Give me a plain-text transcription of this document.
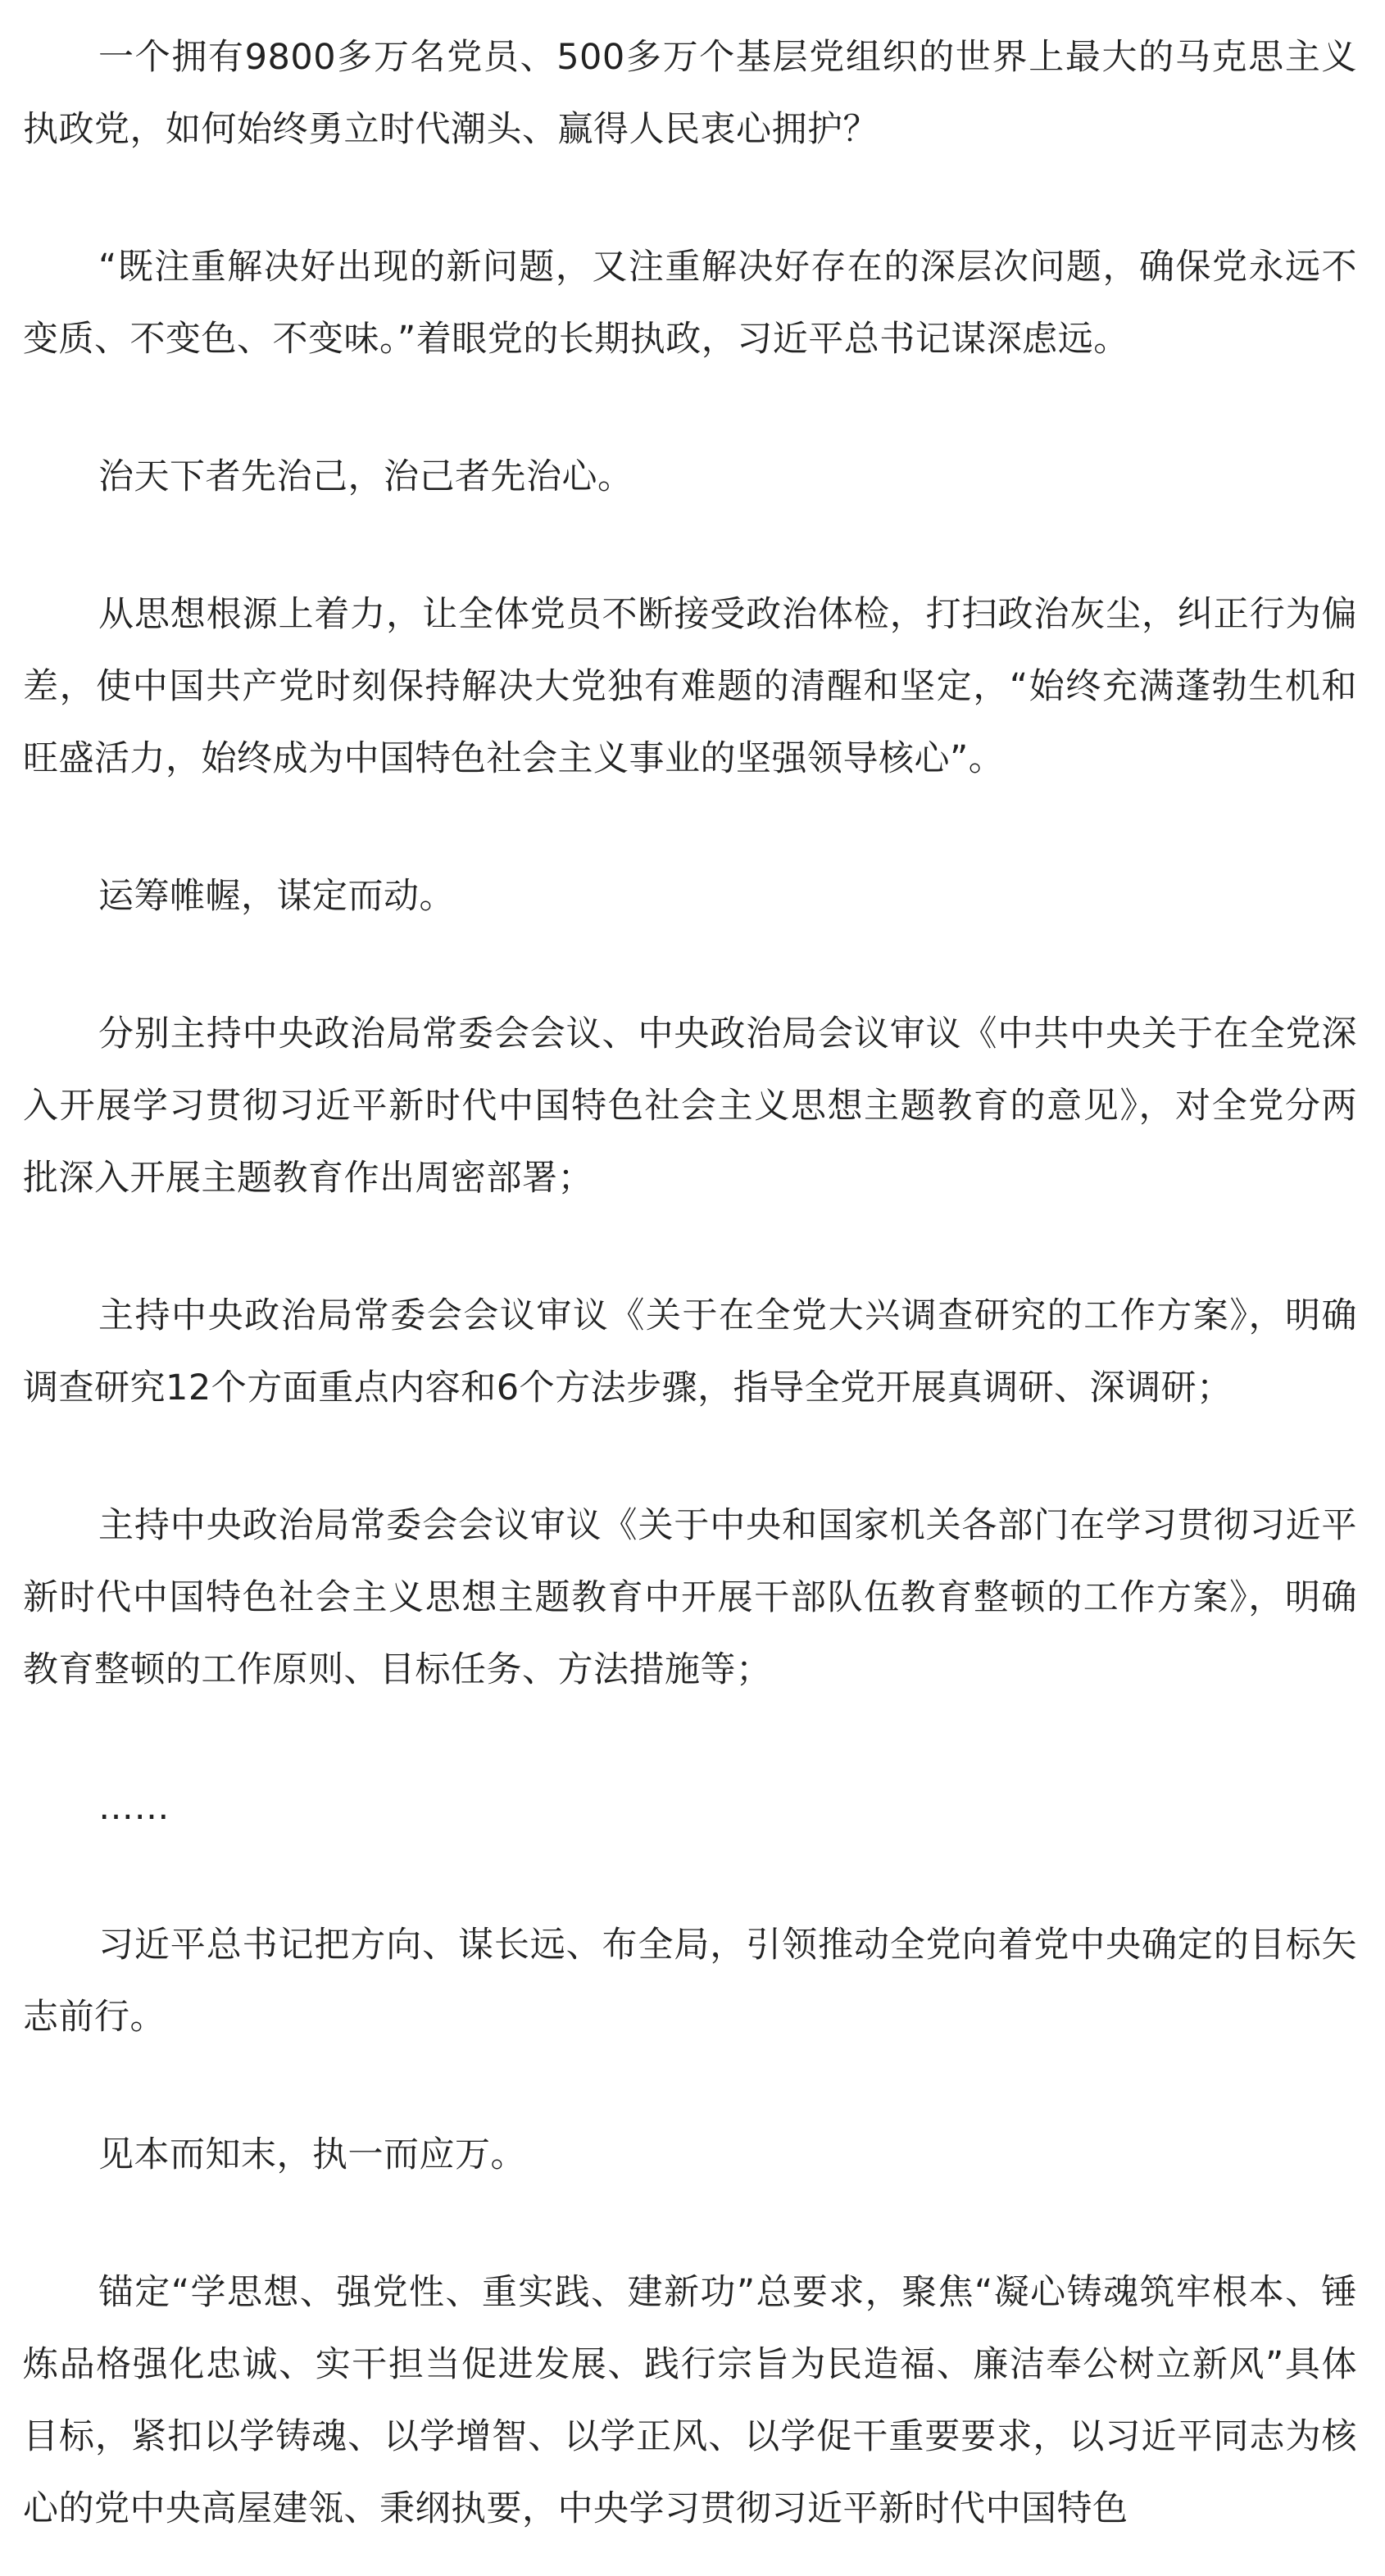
一个拥有9800多万名党员、500多万个基层党组织的世界上最大的马克思主义执政党，如何始终勇立时代潮头、赢得人民衷心拥护？

“既注重解决好出现的新问题，又注重解决好存在的深层次问题，确保党永远不变质、不变色、不变味。”着眼党的长期执政，习近平总书记谋深虑远。

治天下者先治己，治己者先治心。

从思想根源上着力，让全体党员不断接受政治体检，打扫政治灰尘，纠正行为偏差，使中国共产党时刻保持解决大党独有难题的清醒和坚定，“始终充满蓬勃生机和旺盛活力，始终成为中国特色社会主义事业的坚强领导核心”。

运筹帷幄，谋定而动。

分别主持中央政治局常委会会议、中央政治局会议审议《中共中央关于在全党深入开展学习贯彻习近平新时代中国特色社会主义思想主题教育的意见》，对全党分两批深入开展主题教育作出周密部署；

主持中央政治局常委会会议审议《关于在全党大兴调查研究的工作方案》，明确调查研究12个方面重点内容和6个方法步骤，指导全党开展真调研、深调研；

主持中央政治局常委会会议审议《关于中央和国家机关各部门在学习贯彻习近平新时代中国特色社会主义思想主题教育中开展干部队伍教育整顿的工作方案》，明确教育整顿的工作原则、目标任务、方法措施等；

……

习近平总书记把方向、谋长远、布全局，引领推动全党向着党中央确定的目标矢志前行。

见本而知末，执一而应万。

锚定“学思想、强党性、重实践、建新功”总要求，聚焦“凝心铸魂筑牢根本、锤炼品格强化忠诚、实干担当促进发展、践行宗旨为民造福、廉洁奉公树立新风”具体目标，紧扣以学铸魂、以学增智、以学正风、以学促干重要要求，以习近平同志为核心的党中央高屋建瓴、秉纲执要，中央学习贯彻习近平新时代中国特色
